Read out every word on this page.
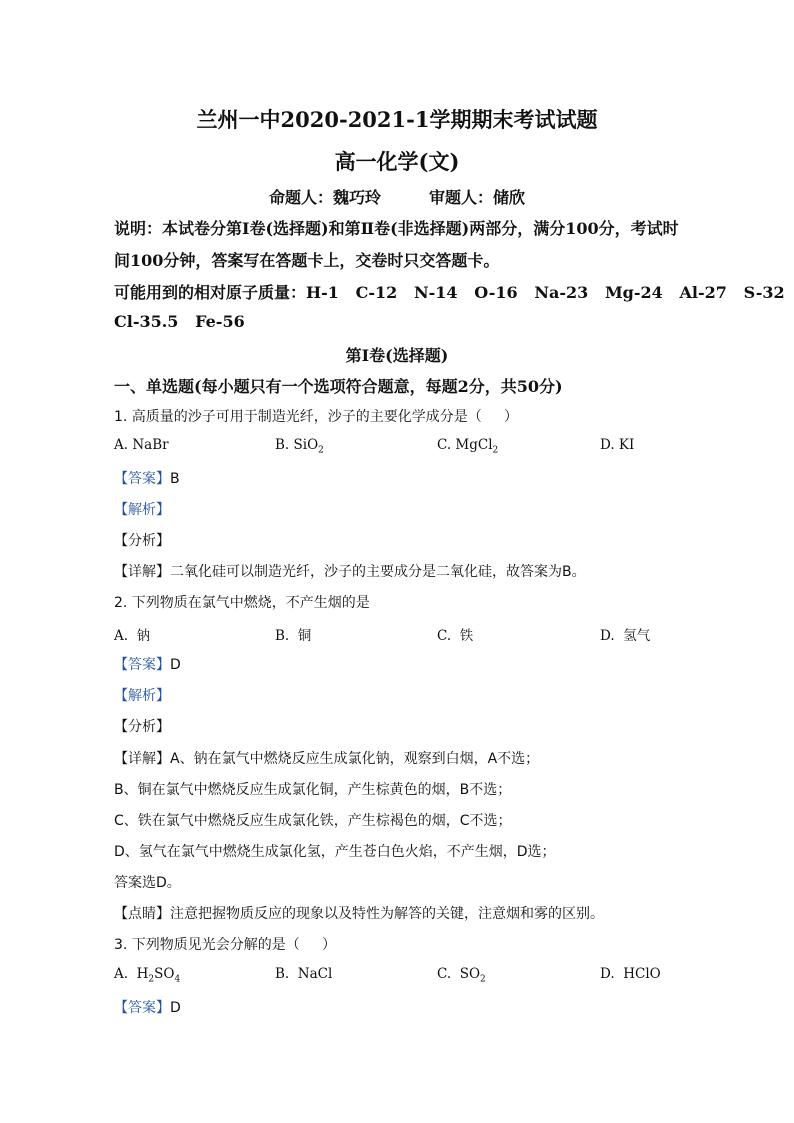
兰州一中2020-2021-1学期期末考试试题
高一化学(文)
命题人：魏巧玲	审题人：储欣
说明：本试卷分第Ⅰ卷(选择题)和第Ⅱ卷(非选择题)两部分，满分100分，考试时
间100分钟，答案写在答题卡上，交卷时只交答题卡。
可能用到的相对原子质量：H-1   C-12   N-14   O-16   Na-23   Mg-24   Al-27   S-32
Cl-35.5   Fe-56
第Ⅰ卷(选择题)
一、单选题(每小题只有一个选项符合题意，每题2分，共50分)
1. 高质量的沙子可用于制造光纤，沙子的主要化学成分是（     ）
A. NaBr	B. SiO$_2$	C. MgCl$_2$	D. KI
【答案】B
【解析】
【分析】
【详解】二氧化硅可以制造光纤，沙子的主要成分是二氧化硅，故答案为B。
2. 下列物质在氯气中燃烧，不产生烟的是
A.  钠	B.  铜	C.  铁	D.  氢气
【答案】D
【解析】
【分析】
【详解】A、钠在氯气中燃烧反应生成氯化钠，观察到白烟，A不选；
B、铜在氯气中燃烧反应生成氯化铜，产生棕黄色的烟，B不选；
C、铁在氯气中燃烧反应生成氯化铁，产生棕褐色的烟，C不选；
D、氢气在氯气中燃烧生成氯化氢，产生苍白色火焰，不产生烟，D选；
答案选D。
【点睛】注意把握物质反应的现象以及特性为解答的关键，注意烟和雾的区别。
3. 下列物质见光会分解的是（     ）
A.  $H_2SO_4$	B.  NaCl	C.  $SO_2$	D.  HClO
【答案】D
